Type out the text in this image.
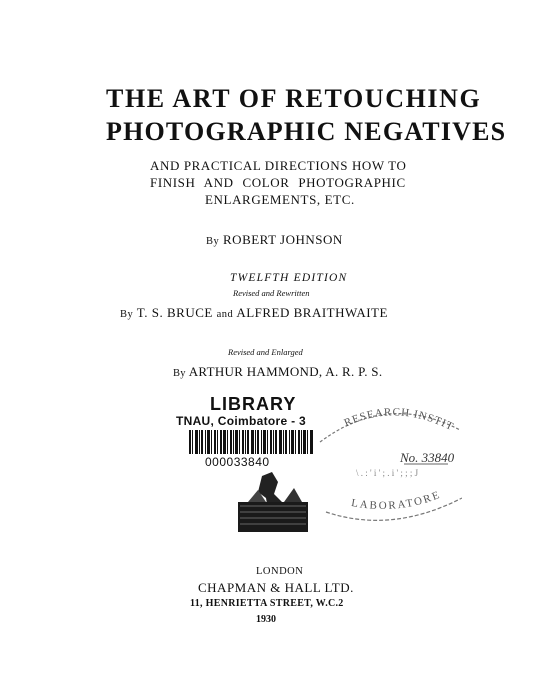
THE ART OF RETOUCHING
PHOTOGRAPHIC NEGATIVES
AND PRACTICAL DIRECTIONS HOW TO
FINISH AND COLOR PHOTOGRAPHIC
ENLARGEMENTS, ETC.
By ROBERT JOHNSON
TWELFTH EDITION
Revised and Rewritten
By T. S. BRUCE and ALFRED BRAITHWAITE
Revised and Enlarged
By ARTHUR HAMMOND, A. R. P. S.
LIBRARY
TNAU, Coimbatore - 3
000033840
RESEARCH INSTIT
No. 33840
\ . : ' i ' ; . i ' ; ; ; J
LABORATORE
LONDON
CHAPMAN & HALL LTD.
11, HENRIETTA STREET, W.C.2
1930
